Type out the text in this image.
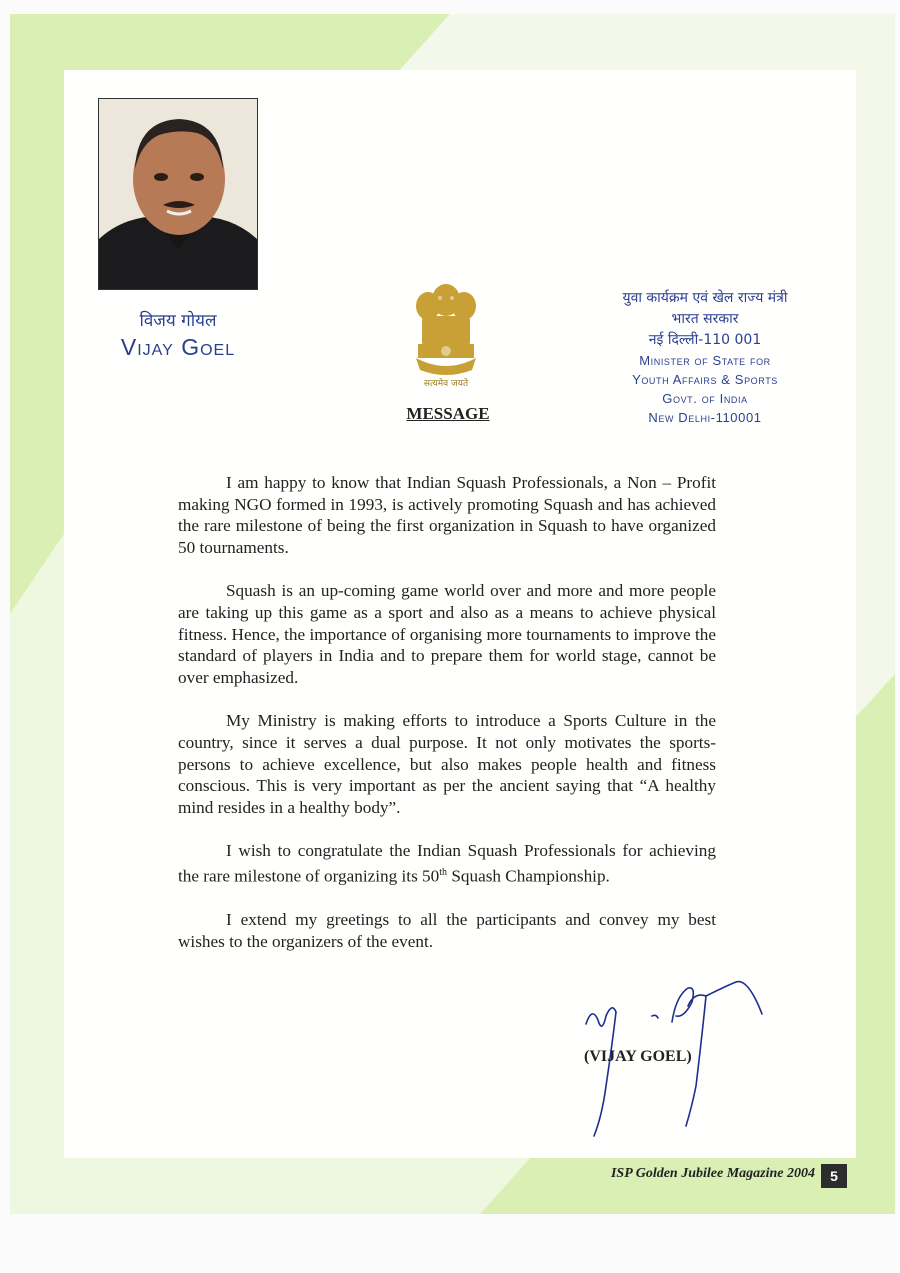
विजय गोयल
Vijay Goel
सत्यमेव जयते
MESSAGE
युवा कार्यक्रम एवं खेल राज्य मंत्री
भारत सरकार
नई दिल्ली-110 001
Minister of State for
Youth Affairs & Sports
Govt. of India
New Delhi-110001

I am happy to know that Indian Squash Professionals, a Non – Profit making NGO formed in 1993, is actively promoting Squash and has achieved the rare milestone of being the first organization in Squash to have organized 50 tournaments.

Squash is an up-coming game world over and more and more people are taking up this game as a sport and also as a means to achieve physical fitness. Hence, the importance of organising more tournaments to improve the standard of players in India and to prepare them for world stage, cannot be over emphasized.

My Ministry is making efforts to introduce a Sports Culture in the country, since it serves a dual purpose. It not only motivates the sports-persons to achieve excellence, but also makes people health and fitness conscious. This is very important as per the ancient saying that “A healthy mind resides in a healthy body”.

I wish to congratulate the Indian Squash Professionals for achieving the rare milestone of organizing its 50th Squash Championship.

I extend my greetings to all the participants and convey my best wishes to the organizers of the event.

(VIJAY GOEL)
ISP Golden Jubilee Magazine 2004	5
